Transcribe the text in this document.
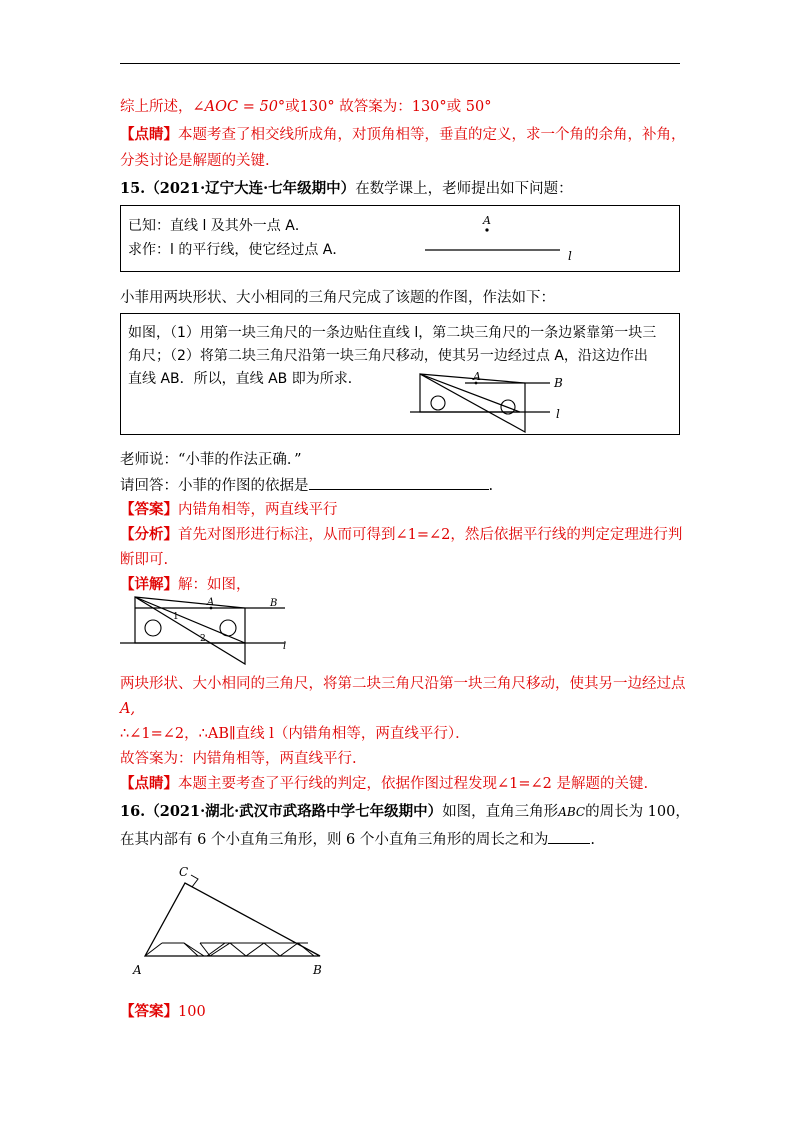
综上所述，∠AOC = 50°或130° 故答案为：130°或 50°
【点睛】本题考查了相交线所成角，对顶角相等，垂直的定义，求一个角的余角，补角，
分类讨论是解题的关键.
15.（2021·辽宁大连·七年级期中）在数学课上，老师提出如下问题：
已知：直线 l 及其外一点 A．
求作：l 的平行线，使它经过点 A．
A
l
小菲用两块形状、大小相同的三角尺完成了该题的作图，作法如下：
如图，（1）用第一块三角尺的一条边贴住直线 l，第二块三角尺的一条边紧靠第一块三
角尺；（2）将第二块三角尺沿第一块三角尺移动，使其另一边经过点 A，沿这边作出
直线 AB．所以，直线 AB 即为所求．	A	B
l
老师说：“小菲的作法正确．”
请回答：小菲的作图的依据是	.
【答案】内错角相等，两直线平行
【分析】首先对图形进行标注，从而可得到∠1=∠2，然后依据平行线的判定定理进行判
断即可.
【详解】解：如图，
A	B
l
1
2
两块形状、大小相同的三角尺，将第二块三角尺沿第一块三角尺移动，使其另一边经过点
A,
∴∠1=∠2，∴AB∥直线 l（内错角相等，两直线平行）．
故答案为：内错角相等，两直线平行.
【点睛】本题主要考查了平行线的判定，依据作图过程发现∠1=∠2 是解题的关键.
16.（2021·湖北·武汉市武珞路中学七年级期中）如图，直角三角形ABC的周长为 100，
在其内部有 6 个小直角三角形，则 6 个小直角三角形的周长之和为	.
C
A	B
【答案】100
